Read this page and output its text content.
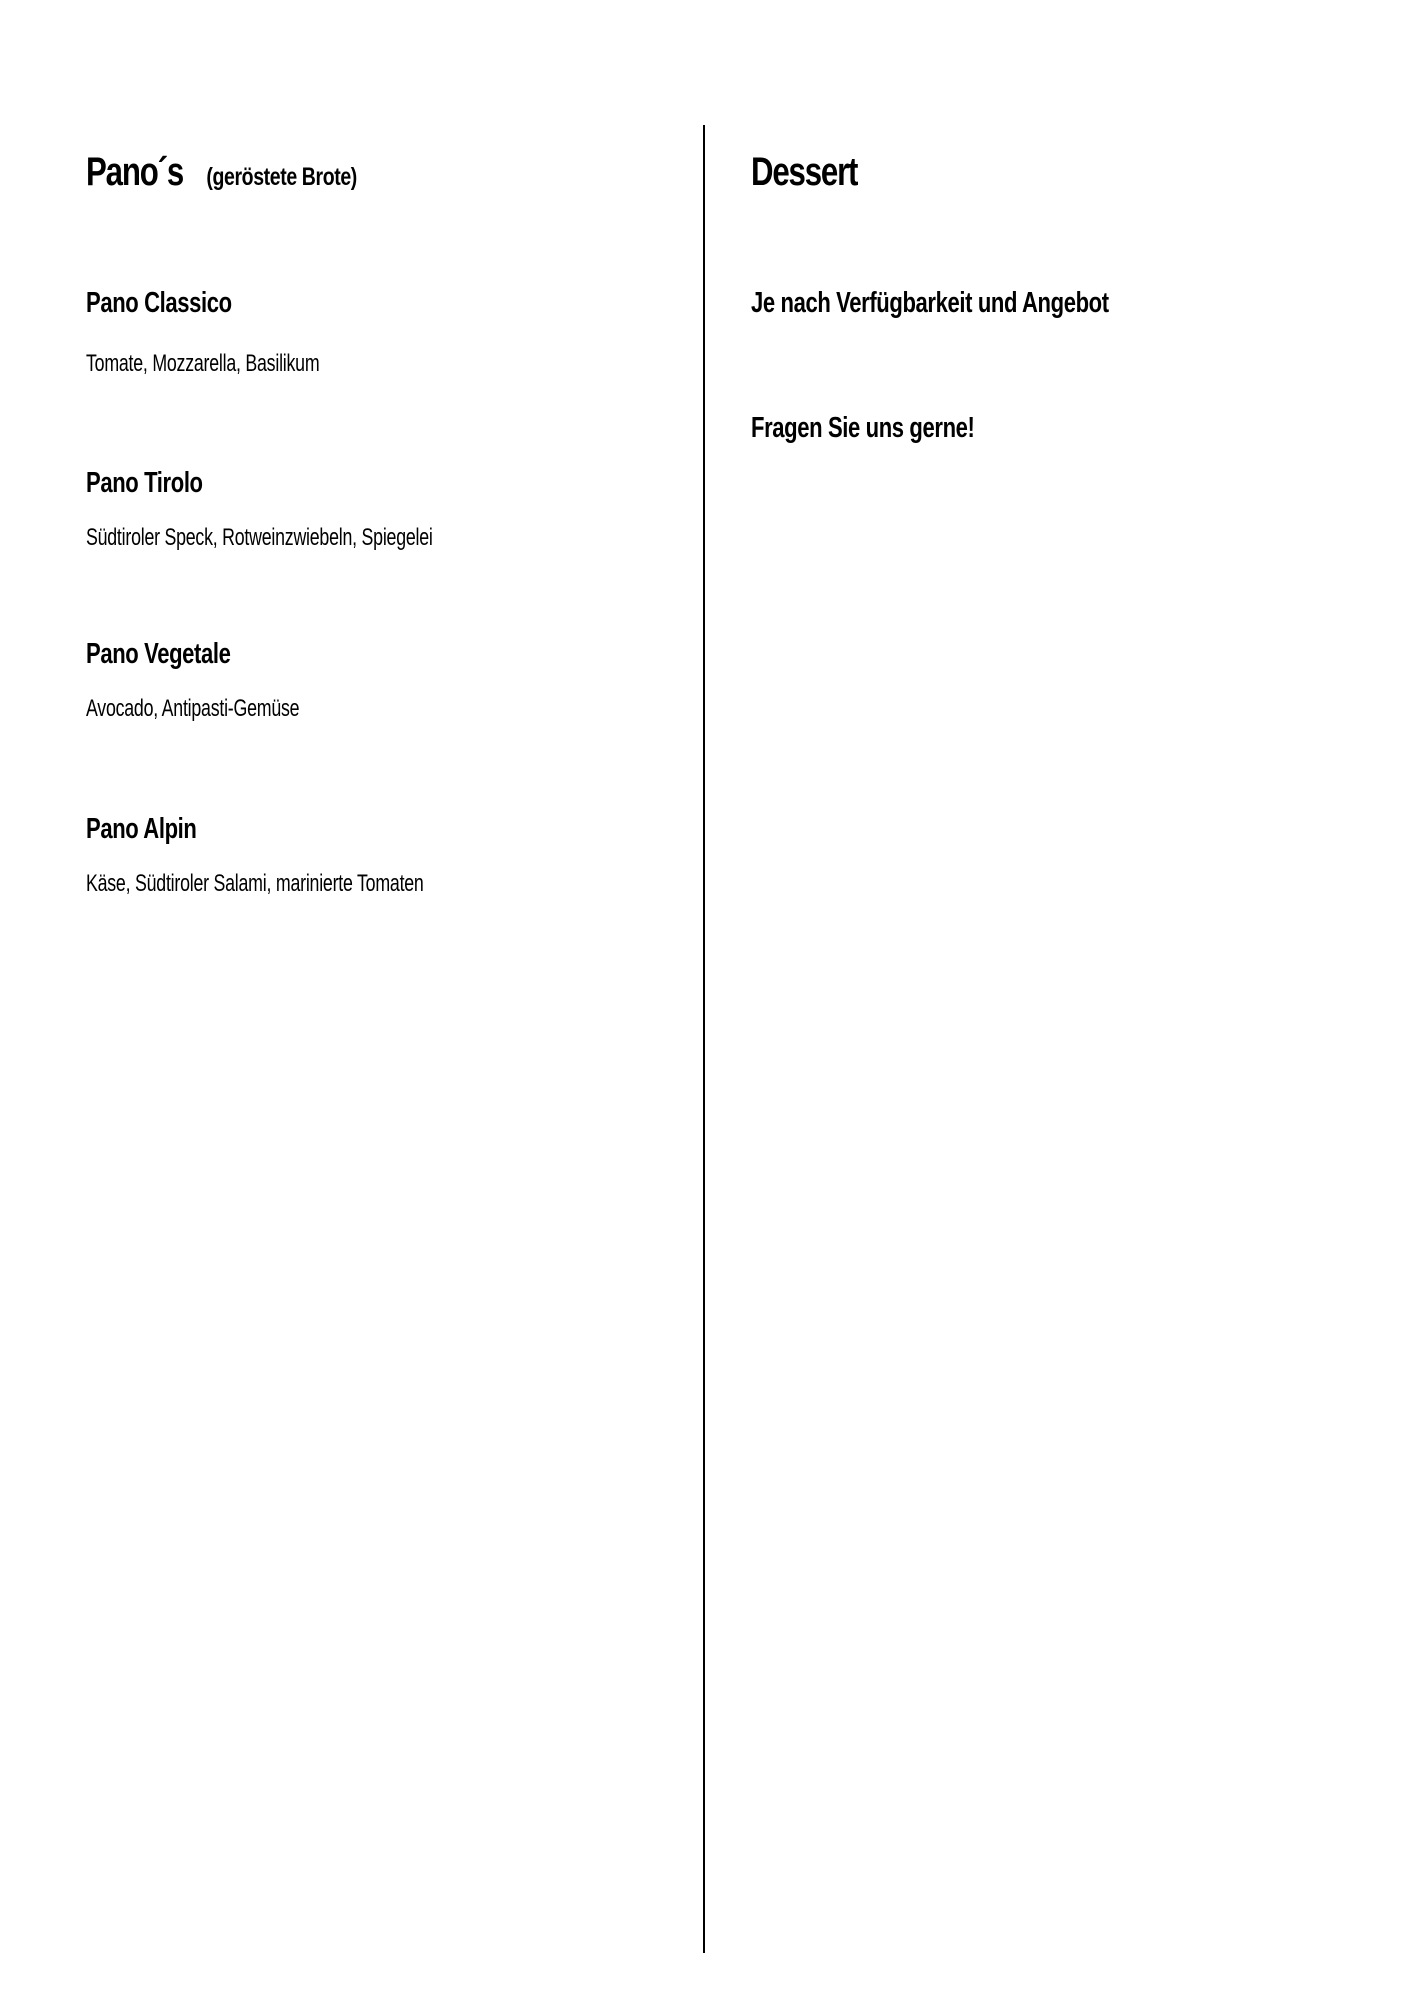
Pano´s (geröstete Brote)
Pano Classico
Tomate, Mozzarella, Basilikum
Pano Tirolo
Südtiroler Speck, Rotweinzwiebeln, Spiegelei
Pano Vegetale
Avocado, Antipasti-Gemüse
Pano Alpin
Käse, Südtiroler Salami, marinierte Tomaten
Dessert
Je nach Verfügbarkeit und Angebot
Fragen Sie uns gerne!
